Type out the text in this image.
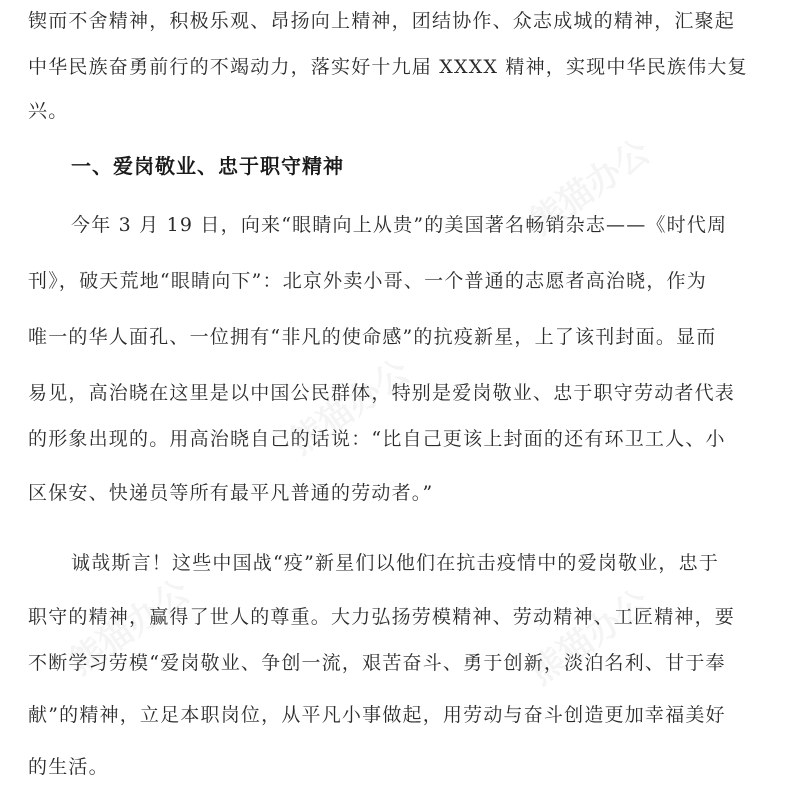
熊猫办公
熊猫办公	熊猫办公
熊猫办公

锲而不舍精神，积极乐观、昂扬向上精神，团结协作、众志成城的精神，汇聚起

中华民族奋勇前行的不竭动力，落实好十九届 XXXX 精神，实现中华民族伟大复

兴。

一、爱岗敬业、忠于职守精神

今年 3 月 19 日，向来“眼睛向上从贵”的美国著名畅销杂志——《时代周

刊》，破天荒地“眼睛向下”：北京外卖小哥、一个普通的志愿者高治晓，作为

唯一的华人面孔、一位拥有“非凡的使命感”的抗疫新星，上了该刊封面。显而

易见，高治晓在这里是以中国公民群体，特别是爱岗敬业、忠于职守劳动者代表

的形象出现的。用高治晓自己的话说：“比自己更该上封面的还有环卫工人、小

区保安、快递员等所有最平凡普通的劳动者。”

诚哉斯言！这些中国战“疫”新星们以他们在抗击疫情中的爱岗敬业，忠于

职守的精神，赢得了世人的尊重。大力弘扬劳模精神、劳动精神、工匠精神，要

不断学习劳模“爱岗敬业、争创一流，艰苦奋斗、勇于创新，淡泊名利、甘于奉

献”的精神，立足本职岗位，从平凡小事做起，用劳动与奋斗创造更加幸福美好

的生活。
